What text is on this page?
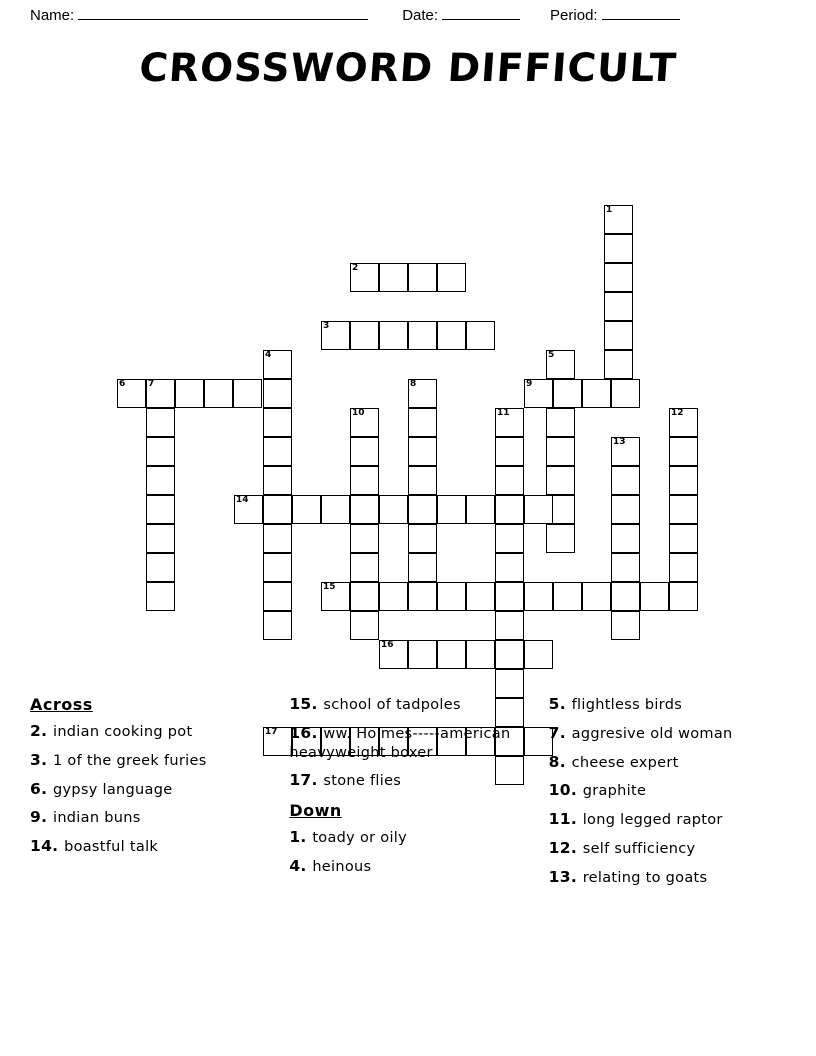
Name:	Date:	Period:
CROSSWORD DIFFICULT
1
2
3
4	5
6	7	8	9
10	11	12
13
14
15
16
17
Across
2. indian cooking pot
3. 1 of the greek furies
6. gypsy language
9. indian buns
14. boastful talk
15. school of tadpoles
16. ww. Holmes-----american heavyweight boxer
17. stone flies
Down
1. toady or oily
4. heinous
5. flightless birds
7. aggresive old woman
8. cheese expert
10. graphite
11. long legged raptor
12. self sufficiency
13. relating to goats
